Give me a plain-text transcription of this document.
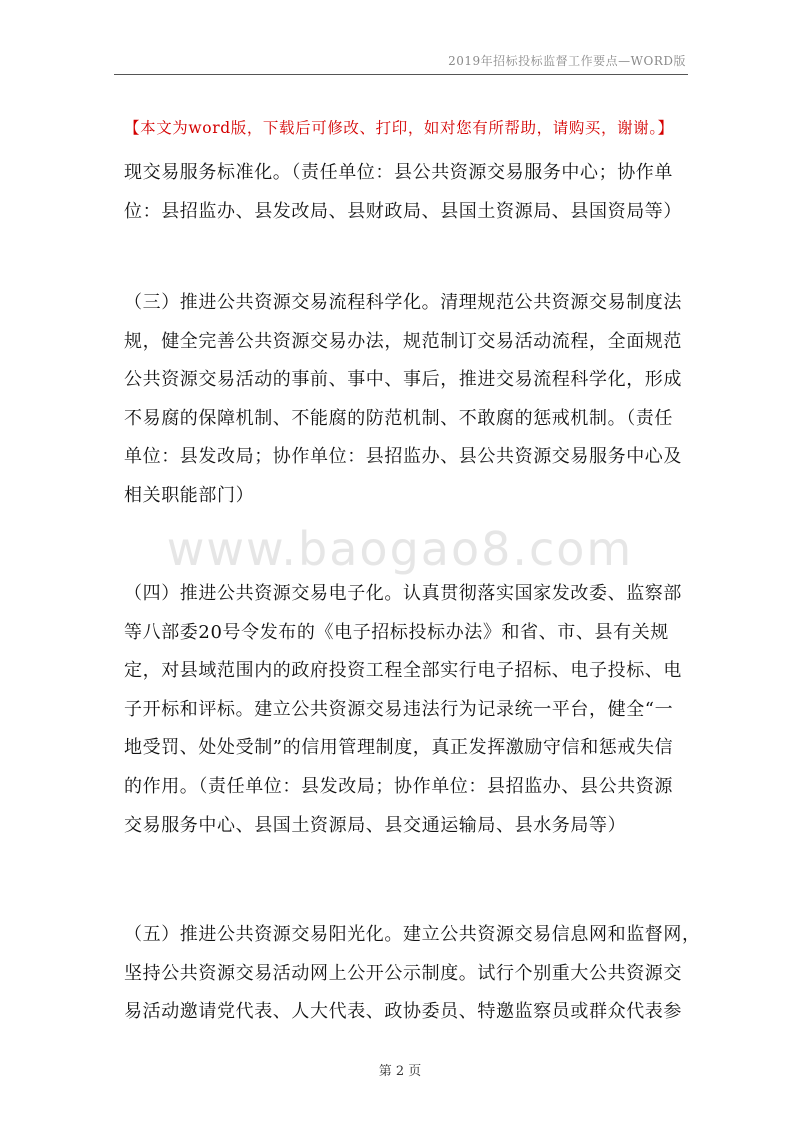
2019年招标投标监督工作要点—WORD版
【本文为word版，下载后可修改、打印，如对您有所帮助，请购买，谢谢。】
现交易服务标准化。（责任单位：县公共资源交易服务中心；协作单
位：县招监办、县发改局、县财政局、县国土资源局、县国资局等）
（三）推进公共资源交易流程科学化。清理规范公共资源交易制度法
规，健全完善公共资源交易办法，规范制订交易活动流程，全面规范
公共资源交易活动的事前、事中、事后，推进交易流程科学化，形成
不易腐的保障机制、不能腐的防范机制、不敢腐的惩戒机制。（责任
单位：县发改局；协作单位：县招监办、县公共资源交易服务中心及
相关职能部门）
www.baogao8.com
（四）推进公共资源交易电子化。认真贯彻落实国家发改委、监察部
等八部委20号令发布的《电子招标投标办法》和省、市、县有关规
定，对县域范围内的政府投资工程全部实行电子招标、电子投标、电
子开标和评标。建立公共资源交易违法行为记录统一平台，健全“一
地受罚、处处受制”的信用管理制度，真正发挥激励守信和惩戒失信
的作用。（责任单位：县发改局；协作单位：县招监办、县公共资源
交易服务中心、县国土资源局、县交通运输局、县水务局等）
（五）推进公共资源交易阳光化。建立公共资源交易信息网和监督网，
坚持公共资源交易活动网上公开公示制度。试行个别重大公共资源交
易活动邀请党代表、人大代表、政协委员、特邀监察员或群众代表参
第 2 页
